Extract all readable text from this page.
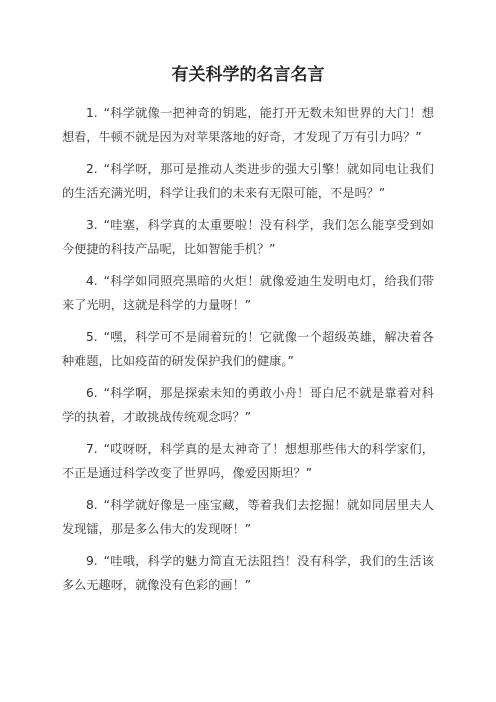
有关科学的名言名言

1. “科学就像一把神奇的钥匙，能打开无数未知世界的大门！想想看，牛顿不就是因为对苹果落地的好奇，才发现了万有引力吗？”

2. “科学呀，那可是推动人类进步的强大引擎！就如同电让我们的生活充满光明，科学让我们的未来有无限可能，不是吗？”

3. “哇塞，科学真的太重要啦！没有科学，我们怎么能享受到如今便捷的科技产品呢，比如智能手机？”

4. “科学如同照亮黑暗的火炬！就像爱迪生发明电灯，给我们带来了光明，这就是科学的力量呀！”

5. “嘿，科学可不是闹着玩的！它就像一个超级英雄，解决着各种难题，比如疫苗的研发保护我们的健康。”

6. “科学啊，那是探索未知的勇敢小舟！哥白尼不就是靠着对科学的执着，才敢挑战传统观念吗？”

7. “哎呀呀，科学真的是太神奇了！想想那些伟大的科学家们，不正是通过科学改变了世界吗，像爱因斯坦？”

8. “科学就好像是一座宝藏，等着我们去挖掘！就如同居里夫人发现镭，那是多么伟大的发现呀！”

9. “哇哦，科学的魅力简直无法阻挡！没有科学，我们的生活该多么无趣呀，就像没有色彩的画！”
